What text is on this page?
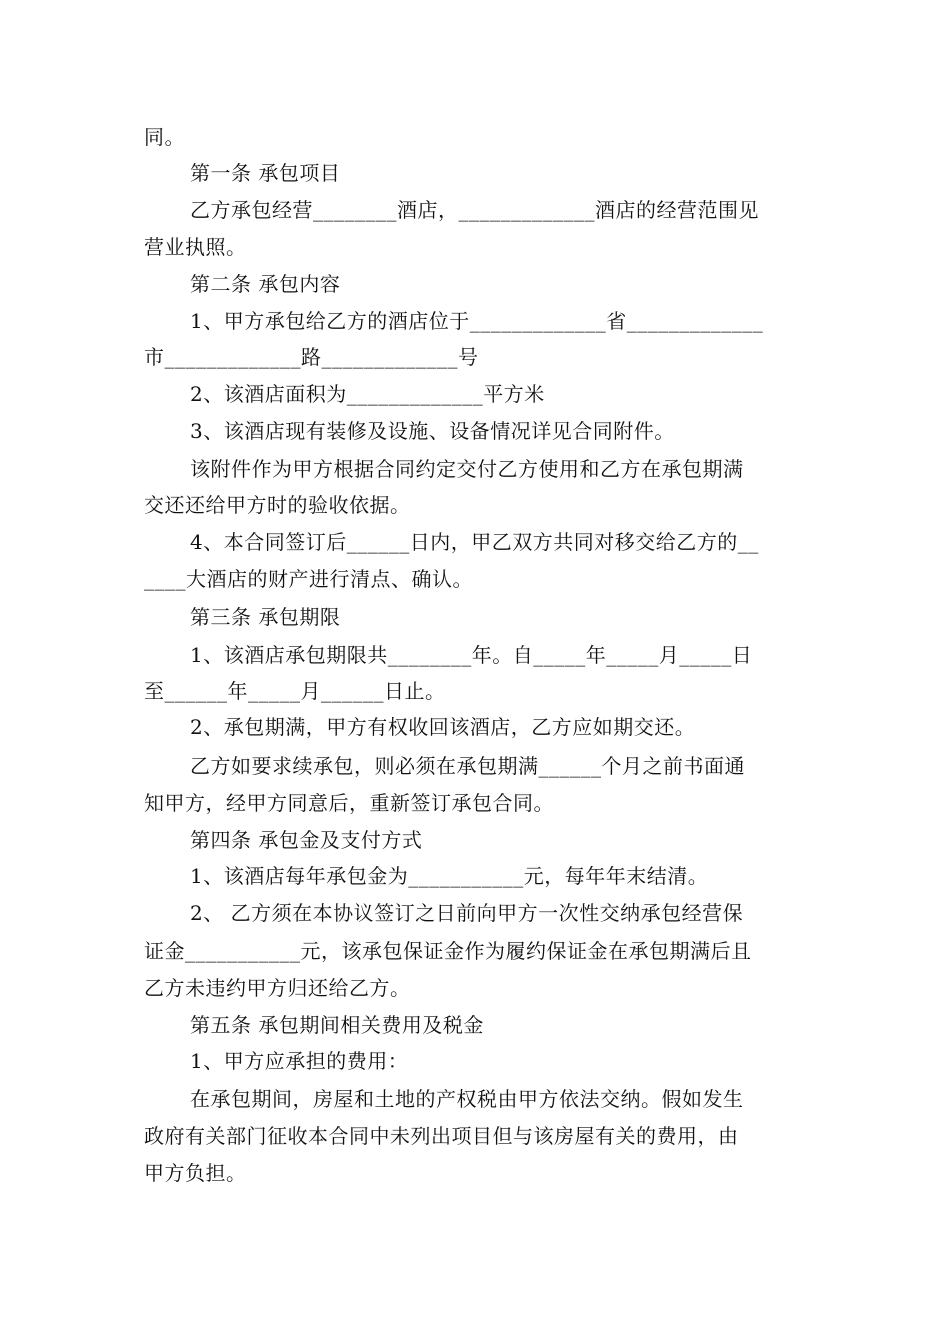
同。
第一条 承包项目
乙方承包经营________酒店，_____________酒店的经营范围见
营业执照。
第二条 承包内容
1、甲方承包给乙方的酒店位于_____________省_____________
市_____________路_____________号
2、该酒店面积为_____________平方米
3、该酒店现有装修及设施、设备情况详见合同附件。
该附件作为甲方根据合同约定交付乙方使用和乙方在承包期满
交还还给甲方时的验收依据。
4、本合同签订后______日内，甲乙双方共同对移交给乙方的__
____大酒店的财产进行清点、确认。
第三条 承包期限
1、该酒店承包期限共________年。自_____年_____月_____日
至______年_____月______日止。
2、承包期满，甲方有权收回该酒店，乙方应如期交还。
乙方如要求续承包，则必须在承包期满______个月之前书面通
知甲方，经甲方同意后，重新签订承包合同。
第四条 承包金及支付方式
1、该酒店每年承包金为___________元，每年年末结清。
2、 乙方须在本协议签订之日前向甲方一次性交纳承包经营保
证金___________元，该承包保证金作为履约保证金在承包期满后且
乙方未违约甲方归还给乙方。
第五条 承包期间相关费用及税金
1、甲方应承担的费用：
在承包期间，房屋和土地的产权税由甲方依法交纳。假如发生
政府有关部门征收本合同中未列出项目但与该房屋有关的费用，由
甲方负担。
